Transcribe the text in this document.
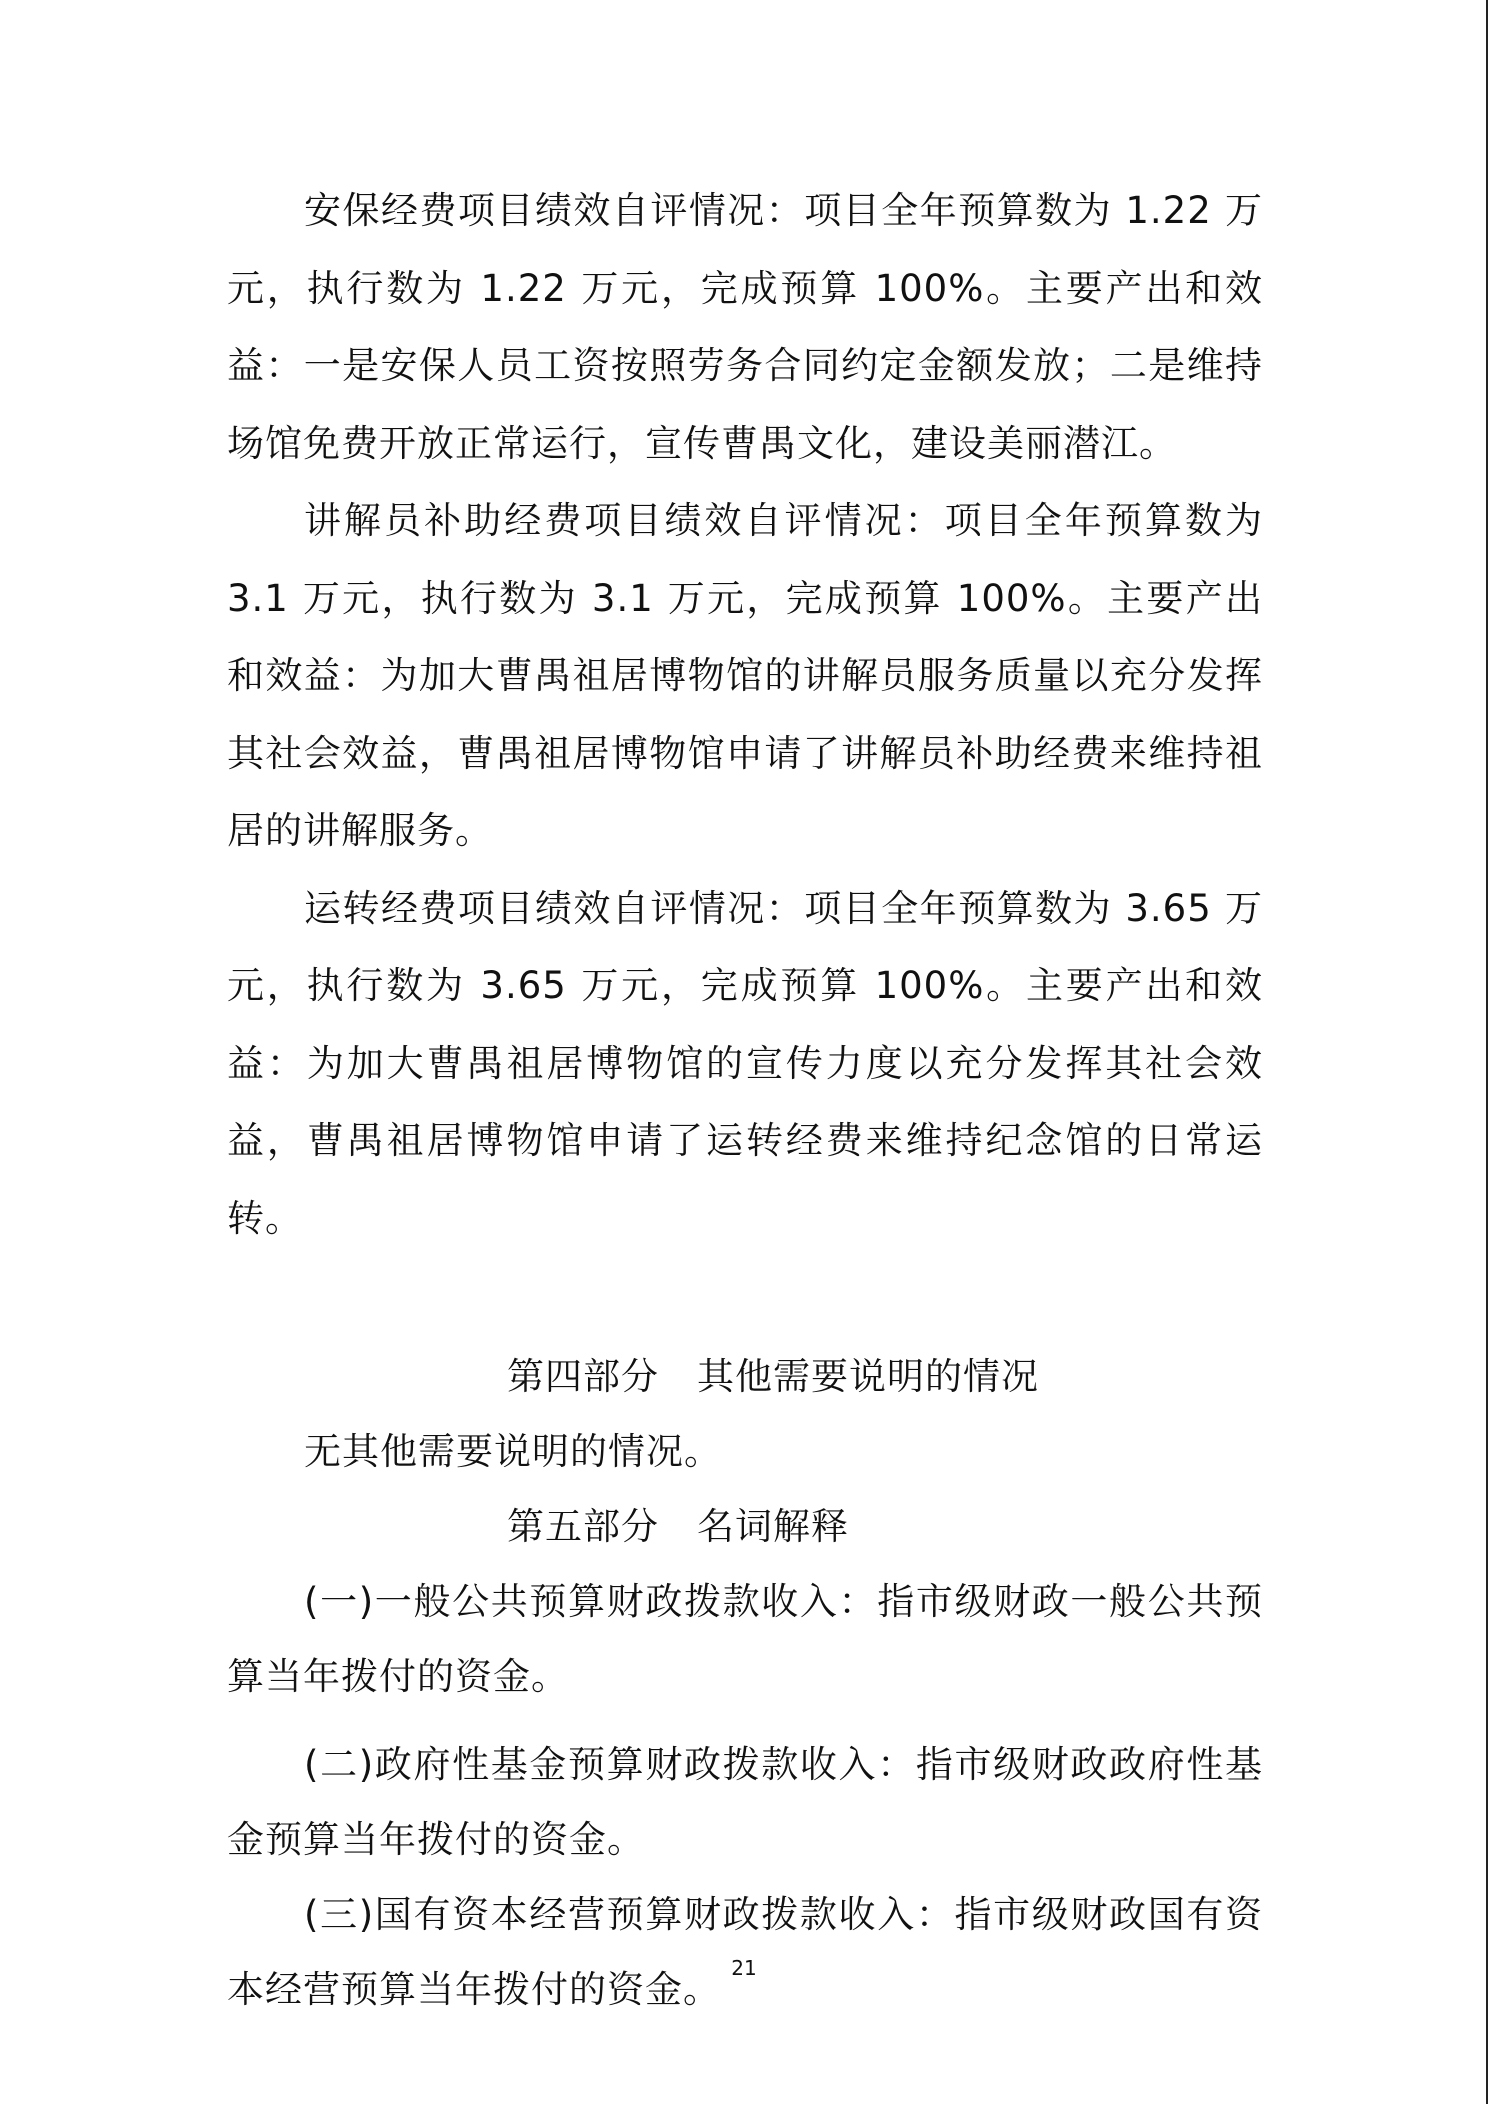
安保经费项目绩效自评情况：项目全年预算数为 1.22 万元，执行数为 1.22 万元，完成预算 100%。主要产出和效益：一是安保人员工资按照劳务合同约定金额发放；二是维持场馆免费开放正常运行，宣传曹禺文化，建设美丽潜江。

讲解员补助经费项目绩效自评情况：项目全年预算数为 3.1 万元，执行数为 3.1 万元，完成预算 100%。主要产出和效益：为加大曹禺祖居博物馆的讲解员服务质量以充分发挥其社会效益，曹禺祖居博物馆申请了讲解员补助经费来维持祖居的讲解服务。

运转经费项目绩效自评情况：项目全年预算数为 3.65 万元，执行数为 3.65 万元，完成预算 100%。主要产出和效益：为加大曹禺祖居博物馆的宣传力度以充分发挥其社会效益，曹禺祖居博物馆申请了运转经费来维持纪念馆的日常运转。

第四部分　其他需要说明的情况

无其他需要说明的情况。

第五部分　名词解释

(一)一般公共预算财政拨款收入：指市级财政一般公共预算当年拨付的资金。

(二)政府性基金预算财政拨款收入：指市级财政政府性基金预算当年拨付的资金。

(三)国有资本经营预算财政拨款收入：指市级财政国有资本经营预算当年拨付的资金。 21
